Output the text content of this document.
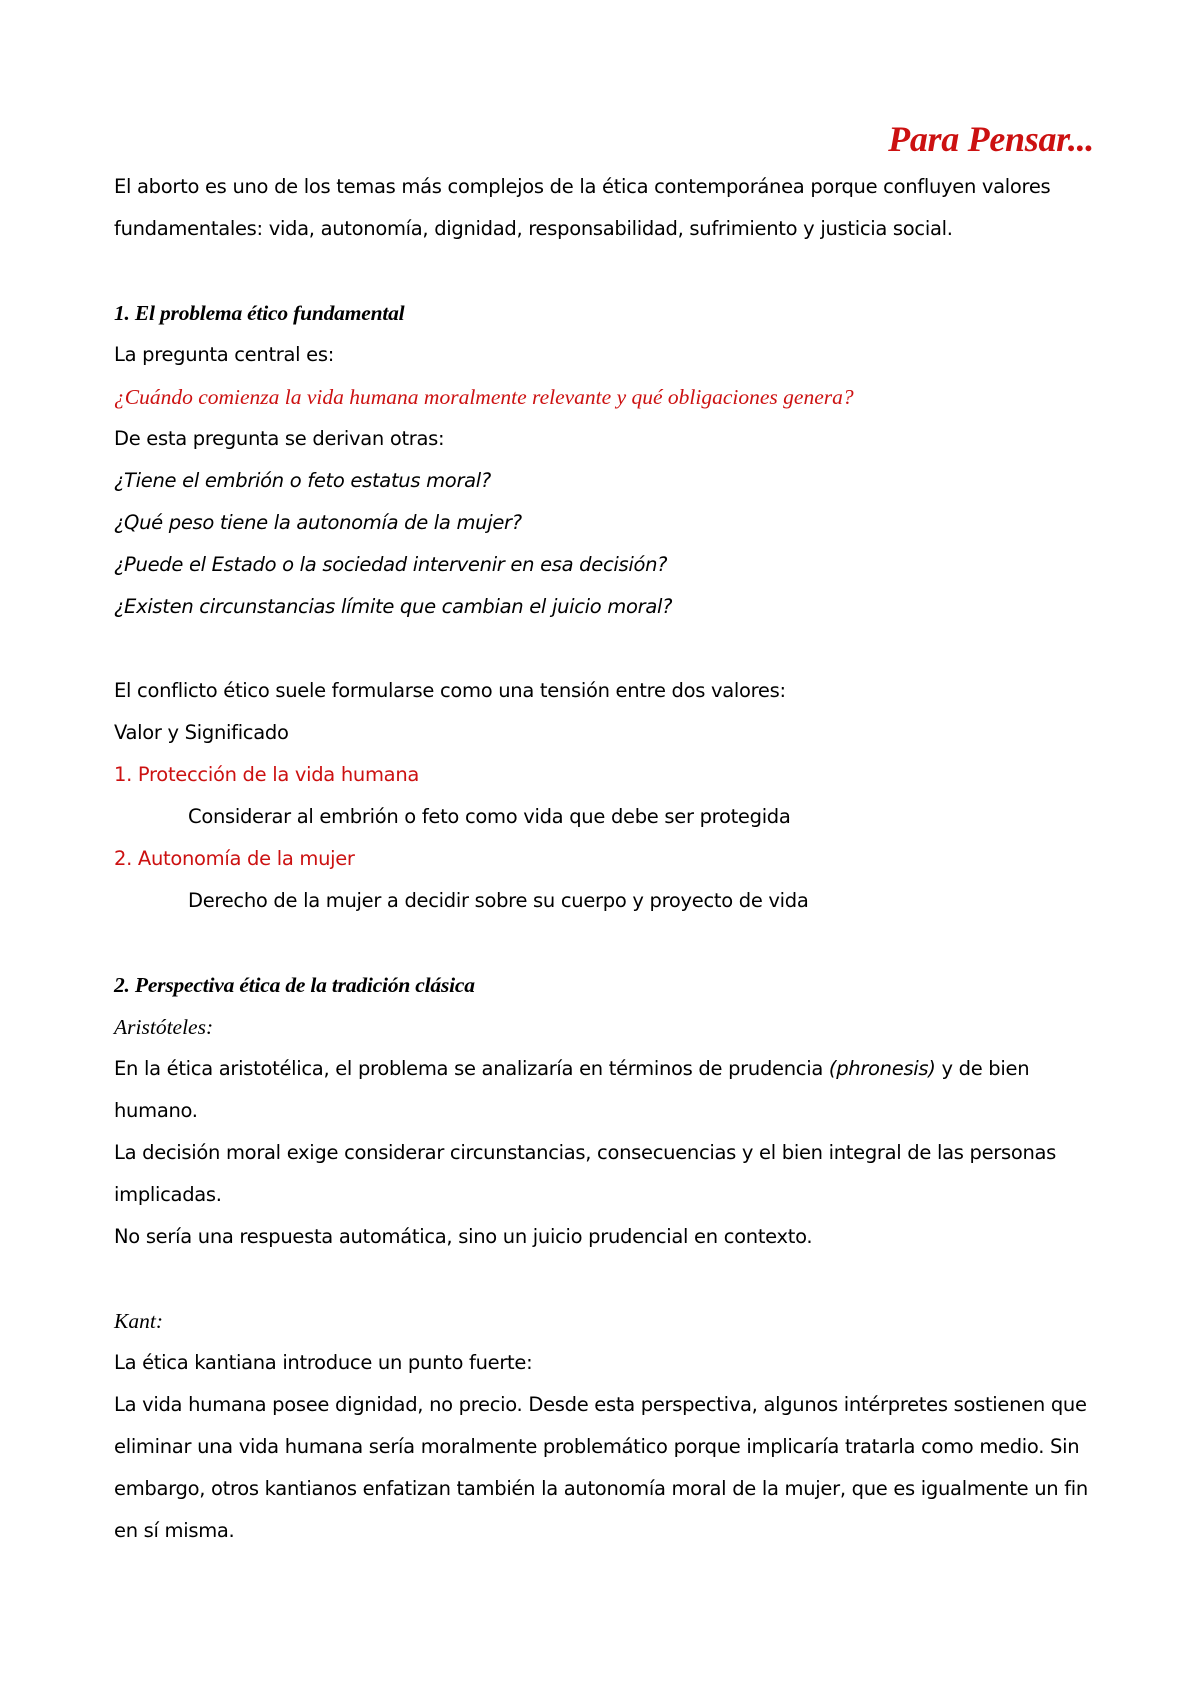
Para Pensar...

El aborto es uno de los temas más complejos de la ética contemporánea porque confluyen valores fundamentales: vida, autonomía, dignidad, responsabilidad, sufrimiento y justicia social.

1. El problema ético fundamental

La pregunta central es:

¿Cuándo comienza la vida humana moralmente relevante y qué obligaciones genera?

De esta pregunta se derivan otras:

¿Tiene el embrión o feto estatus moral?

¿Qué peso tiene la autonomía de la mujer?

¿Puede el Estado o la sociedad intervenir en esa decisión?

¿Existen circunstancias límite que cambian el juicio moral?

El conflicto ético suele formularse como una tensión entre dos valores:

Valor y Significado

1. Protección de la vida humana

Considerar al embrión o feto como vida que debe ser protegida

2. Autonomía de la mujer

Derecho de la mujer a decidir sobre su cuerpo y proyecto de vida

2. Perspectiva ética de la tradición clásica

Aristóteles:

En la ética aristotélica, el problema se analizaría en términos de prudencia (phronesis) y de bien humano.

La decisión moral exige considerar circunstancias, consecuencias y el bien integral de las personas implicadas.

No sería una respuesta automática, sino un juicio prudencial en contexto.

Kant:

La ética kantiana introduce un punto fuerte:

La vida humana posee dignidad, no precio. Desde esta perspectiva, algunos intérpretes sostienen que eliminar una vida humana sería moralmente problemático porque implicaría tratarla como medio. Sin embargo, otros kantianos enfatizan también la autonomía moral de la mujer, que es igualmente un fin en sí misma.
